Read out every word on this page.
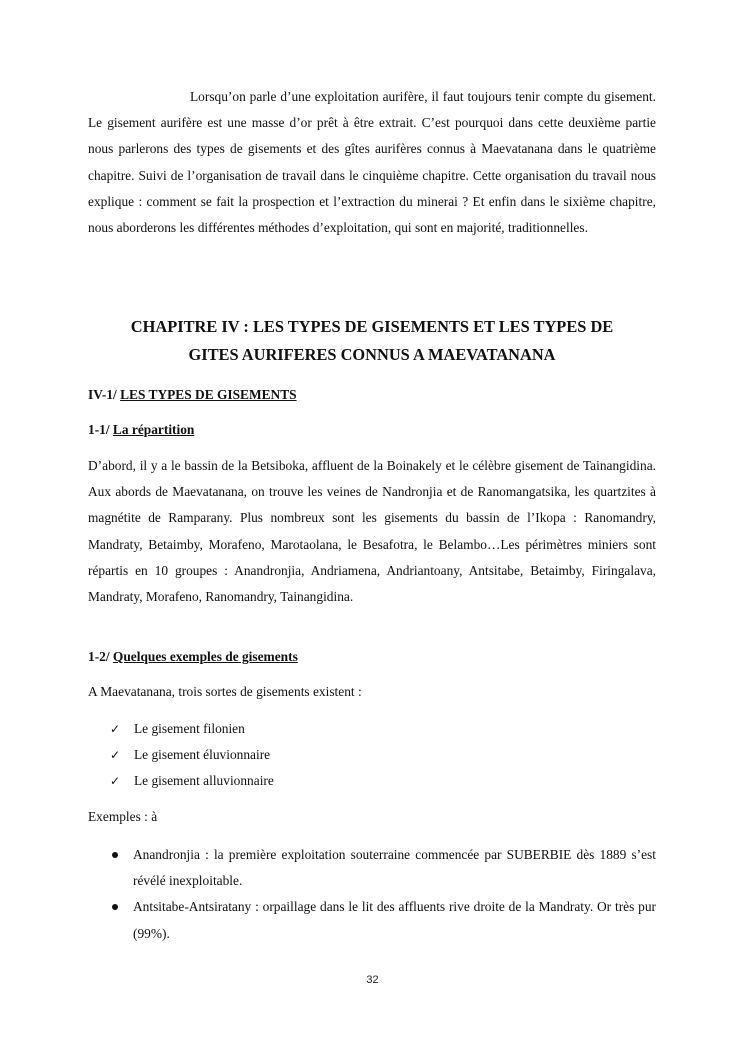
Lorsqu’on parle d’une exploitation aurifère, il faut toujours tenir compte du gisement. Le gisement aurifère est une masse d’or prêt à être extrait. C’est pourquoi dans cette deuxième partie nous parlerons des types de gisements et des gîtes aurifères connus à Maevatanana dans le quatrième chapitre. Suivi de l’organisation de travail dans le cinquième chapitre. Cette organisation du travail nous explique : comment se fait la prospection et l’extraction du minerai ? Et enfin dans le sixième chapitre, nous aborderons les différentes méthodes d’exploitation, qui sont en majorité, traditionnelles.

CHAPITRE IV : LES TYPES DE GISEMENTS ET LES TYPES DE
GITES AURIFERES CONNUS A MAEVATANANA
IV-1/ LES TYPES DE GISEMENTS
1-1/ La répartition

D’abord, il y a le bassin de la Betsiboka, affluent de la Boinakely et le célèbre gisement de Tainangidina. Aux abords de Maevatanana, on trouve les veines de Nandronjia et de Ranomangatsika, les quartzites à magnétite de Ramparany. Plus nombreux sont les gisements du bassin de l’Ikopa : Ranomandry, Mandraty, Betaimby, Morafeno, Marotaolana, le Besafotra, le Belambo…Les périmètres miniers sont répartis en 10 groupes : Anandronjia, Andriamena, Andriantoany, Antsitabe, Betaimby, Firingalava, Mandraty, Morafeno, Ranomandry, Tainangidina.

1-2/ Quelques exemples de gisements
A Maevatanana, trois sortes de gisements existent :
✓	Le gisement filonien
✓	Le gisement éluvionnaire
✓	Le gisement alluvionnaire
Exemples : à
Anandronjia : la première exploitation souterraine commencée par SUBERBIE dès 1889 s’est révélé inexploitable.
Antsitabe-Antsiratany : orpaillage dans le lit des affluents rive droite de la Mandraty. Or très pur (99%).
32
